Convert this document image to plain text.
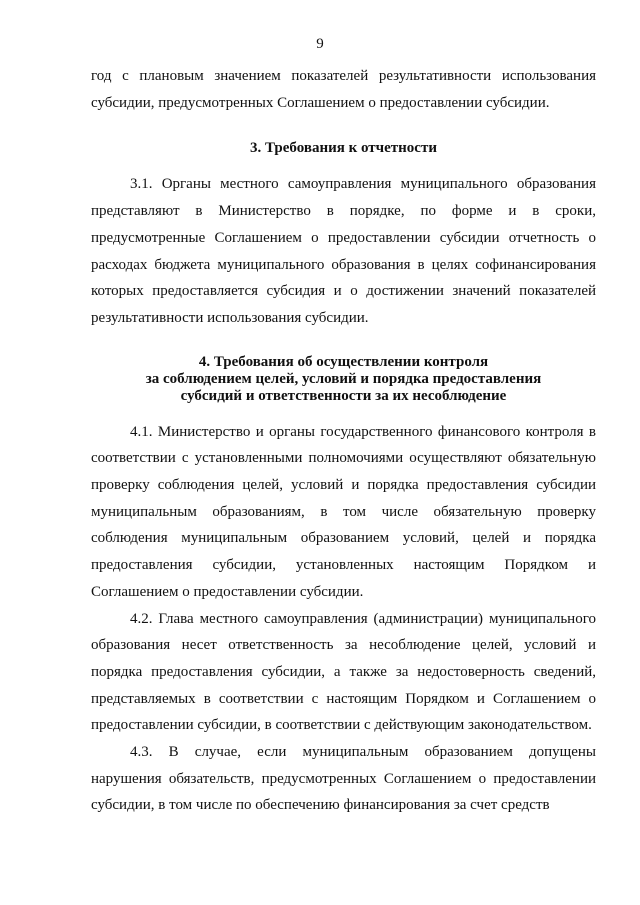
9

год с плановым значением показателей результативности использования субсидии, предусмотренных Соглашением о предоставлении субсидии.

3. Требования к отчетности

3.1. Органы местного самоуправления муниципального образования представляют в Министерство в порядке, по форме и в сроки, предусмотренные Соглашением о предоставлении субсидии отчетность о расходах бюджета муниципального образования в целях софинансирования которых предоставляется субсидия и о достижении значений показателей результативности использования субсидии.

4. Требования об осуществлении контроля
за соблюдением целей, условий и порядка предоставления
субсидий и ответственности за их несоблюдение

4.1. Министерство и органы государственного финансового контроля в соответствии с установленными полномочиями осуществляют обязательную проверку соблюдения целей, условий и порядка предоставления субсидии муниципальным образованиям, в том числе обязательную проверку соблюдения муниципальным образованием условий, целей и порядка предоставления субсидии, установленных настоящим Порядком и Соглашением о предоставлении субсидии.

4.2. Глава местного самоуправления (администрации) муниципального образования несет ответственность за несоблюдение целей, условий и порядка предоставления субсидии, а также за недостоверность сведений, представляемых в соответствии с настоящим Порядком и Соглашением о предоставлении субсидии, в соответствии с действующим законодательством.

4.3. В случае, если муниципальным образованием допущены нарушения обязательств, предусмотренных Соглашением о предоставлении субсидии, в том числе по обеспечению финансирования за счет средств
